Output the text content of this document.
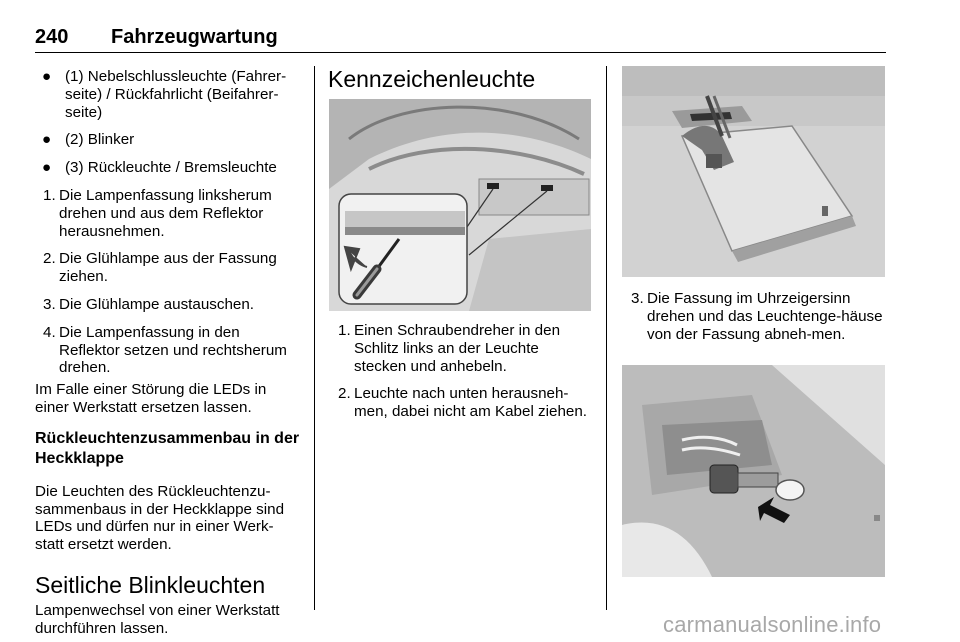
240 Fahrzeugwartung
● (1) Nebelschlussleuchte (Fahrer-seite) / Rückfahrlicht (Beifahrer-seite)
● (2) Blinker
● (3) Rückleuchte / Bremsleuchte
1. Die Lampenfassung linksherum drehen und aus dem Reflektor herausnehmen.
2. Die Glühlampe aus der Fassung ziehen.
3. Die Glühlampe austauschen.
4. Die Lampenfassung in den Reflektor setzen und rechtsherum drehen.
Im Falle einer Störung die LEDs in einer Werkstatt ersetzen lassen.
Rückleuchtenzusammenbau in der Heckklappe
Die Leuchten des Rückleuchtenzu-sammenbaus in der Heckklappe sind LEDs und dürfen nur in einer Werk-statt ersetzt werden.
Seitliche Blinkleuchten
Lampenwechsel von einer Werkstatt durchführen lassen.
Kennzeichenleuchte
1. Einen Schraubendreher in den Schlitz links an der Leuchte stecken und anhebeln.
2. Leuchte nach unten herausneh-men, dabei nicht am Kabel ziehen.
3. Die Fassung im Uhrzeigersinn drehen und das Leuchtenge-häuse von der Fassung abneh-men.
carmanualsonline.info
